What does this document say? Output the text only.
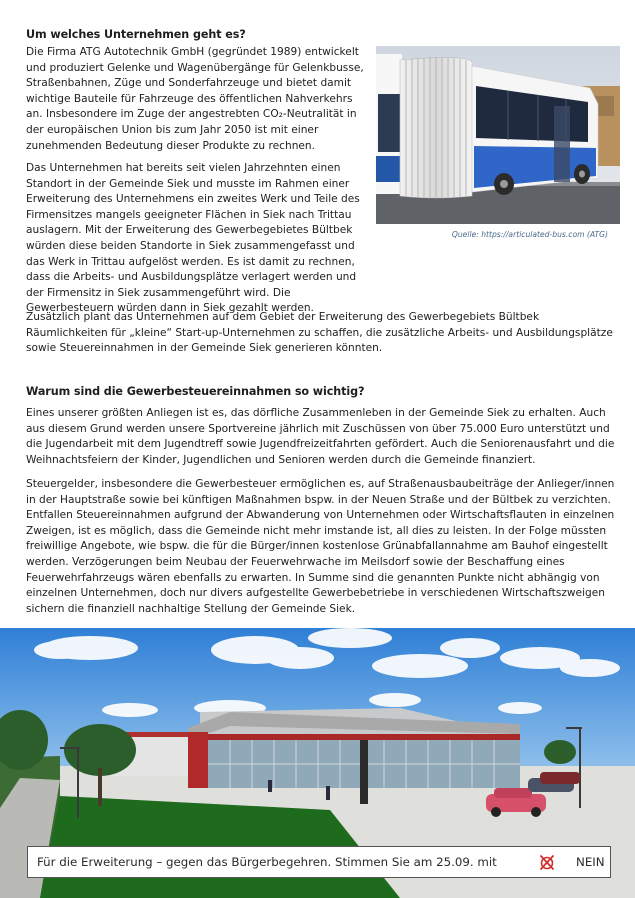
Um welches Unternehmen geht es?

Die Firma ATG Autotechnik GmbH (gegründet 1989) entwickelt und produziert Gelenke und Wagenübergänge für Gelenkbusse, Straßenbahnen, Züge und Sonderfahrzeuge und bietet damit wichtige Bauteile für Fahrzeuge des öffentlichen Nahverkehrs an. Insbesondere im Zuge der angestrebten CO₂-Neutralität in der europäischen Union bis zum Jahr 2050 ist mit einer zunehmenden Bedeutung dieser Produkte zu rechnen.

Quelle: https://articulated-bus.com (ATG)

Das Unternehmen hat bereits seit vielen Jahrzehnten einen Standort in der Gemeinde Siek und musste im Rahmen einer Erweiterung des Unternehmens ein zweites Werk und Teile des Firmensitzes mangels geeigneter Flächen in Siek nach Trittau auslagern. Mit der Erweiterung des Gewerbegebietes Bültbek würden diese beiden Standorte in Siek zusammengefasst und das Werk in Trittau aufgelöst werden. Es ist damit zu rechnen, dass die Arbeits- und Ausbildungsplätze verlagert werden und der Firmensitz in Siek zusammengeführt wird. Die Gewerbesteuern würden dann in Siek gezahlt werden.

Zusätzlich plant das Unternehmen auf dem Gebiet der Erweiterung des Gewerbegebiets Bültbek Räumlichkeiten für „kleine“ Start-up-Unternehmen zu schaffen, die zusätzliche Arbeits- und Ausbildungsplätze sowie Steuereinnahmen in der Gemeinde Siek generieren könnten.

Warum sind die Gewerbesteuereinnahmen so wichtig?

Eines unserer größten Anliegen ist es, das dörfliche Zusammenleben in der Gemeinde Siek zu erhalten. Auch aus diesem Grund werden unsere Sportvereine jährlich mit Zuschüssen von über 75.000 Euro unterstützt und die Jugendarbeit mit dem Jugendtreff sowie Jugendfreizeitfahrten gefördert. Auch die Seniorenausfahrt und die Weihnachtsfeiern der Kinder, Jugendlichen und Senioren werden durch die Gemeinde finanziert.

Steuergelder, insbesondere die Gewerbesteuer ermöglichen es, auf Straßenausbaubeiträge der Anlieger/innen in der Hauptstraße sowie bei künftigen Maßnahmen bspw. in der Neuen Straße und der Bültbek zu verzichten. Entfallen Steuereinnahmen aufgrund der Abwanderung von Unternehmen oder Wirtschaftsflauten in einzelnen Zweigen, ist es möglich, dass die Gemeinde nicht mehr imstande ist, all dies zu leisten. In der Folge müssten freiwillige Angebote, wie bspw. die für die Bürger/innen kostenlose Grünabfallannahme am Bauhof eingestellt werden. Verzögerungen beim Neubau der Feuerwehrwache im Meilsdorf sowie der Beschaffung eines Feuerwehrfahrzeugs wären ebenfalls zu erwarten. In Summe sind die genannten Punkte nicht abhängig von einzelnen Unternehmen, doch nur divers aufgestellte Gewerbebetriebe in verschiedenen Wirtschaftszweigen sichern die finanziell nachhaltige Stellung der Gemeinde Siek.

Für die Erweiterung – gegen das Bürgerbegehren. Stimmen Sie am 25.09. mit	NEIN
